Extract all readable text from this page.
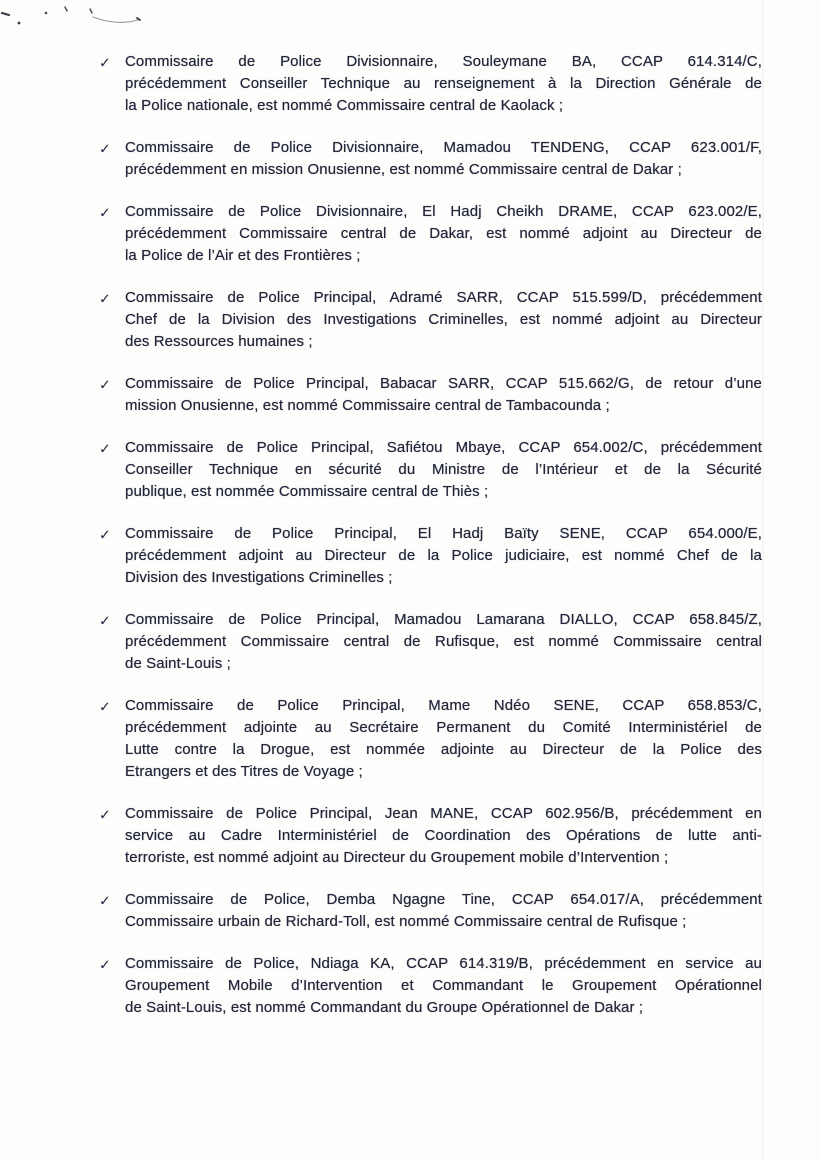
✓ Commissaire de Police Divisionnaire, Souleymane BA, CCAP 614.314/C,
précédemment Conseiller Technique au renseignement à la Direction Générale de
la Police nationale, est nommé Commissaire central de Kaolack ;
✓ Commissaire de Police Divisionnaire, Mamadou TENDENG, CCAP 623.001/F,
précédemment en mission Onusienne, est nommé Commissaire central de Dakar ;
✓ Commissaire de Police Divisionnaire, El Hadj Cheikh DRAME, CCAP 623.002/E,
précédemment Commissaire central de Dakar, est nommé adjoint au Directeur de
la Police de l’Air et des Frontières ;
✓ Commissaire de Police Principal, Adramé SARR, CCAP 515.599/D, précédemment
Chef de la Division des Investigations Criminelles, est nommé adjoint au Directeur
des Ressources humaines ;
✓ Commissaire de Police Principal, Babacar SARR, CCAP 515.662/G, de retour d’une
mission Onusienne, est nommé Commissaire central de Tambacounda ;
✓ Commissaire de Police Principal, Safiétou Mbaye, CCAP 654.002/C, précédemment
Conseiller Technique en sécurité du Ministre de l’Intérieur et de la Sécurité
publique, est nommée Commissaire central de Thiès ;
✓ Commissaire de Police Principal, El Hadj Baïty SENE, CCAP 654.000/E,
précédemment adjoint au Directeur de la Police judiciaire, est nommé Chef de la
Division des Investigations Criminelles ;
✓ Commissaire de Police Principal, Mamadou Lamarana DIALLO, CCAP 658.845/Z,
précédemment Commissaire central de Rufisque, est nommé Commissaire central
de Saint-Louis ;
✓ Commissaire de Police Principal, Mame Ndéo SENE, CCAP 658.853/C,
précédemment adjointe au Secrétaire Permanent du Comité Interministériel de
Lutte contre la Drogue, est nommée adjointe au Directeur de la Police des
Etrangers et des Titres de Voyage ;
✓ Commissaire de Police Principal, Jean MANE, CCAP 602.956/B, précédemment en
service au Cadre Interministériel de Coordination des Opérations de lutte anti-
terroriste, est nommé adjoint au Directeur du Groupement mobile d’Intervention ;
✓ Commissaire de Police, Demba Ngagne Tine, CCAP 654.017/A, précédemment
Commissaire urbain de Richard-Toll, est nommé Commissaire central de Rufisque ;
✓ Commissaire de Police, Ndiaga KA, CCAP 614.319/B, précédemment en service au
Groupement Mobile d’Intervention et Commandant le Groupement Opérationnel
de Saint-Louis, est nommé Commandant du Groupe Opérationnel de Dakar ;
